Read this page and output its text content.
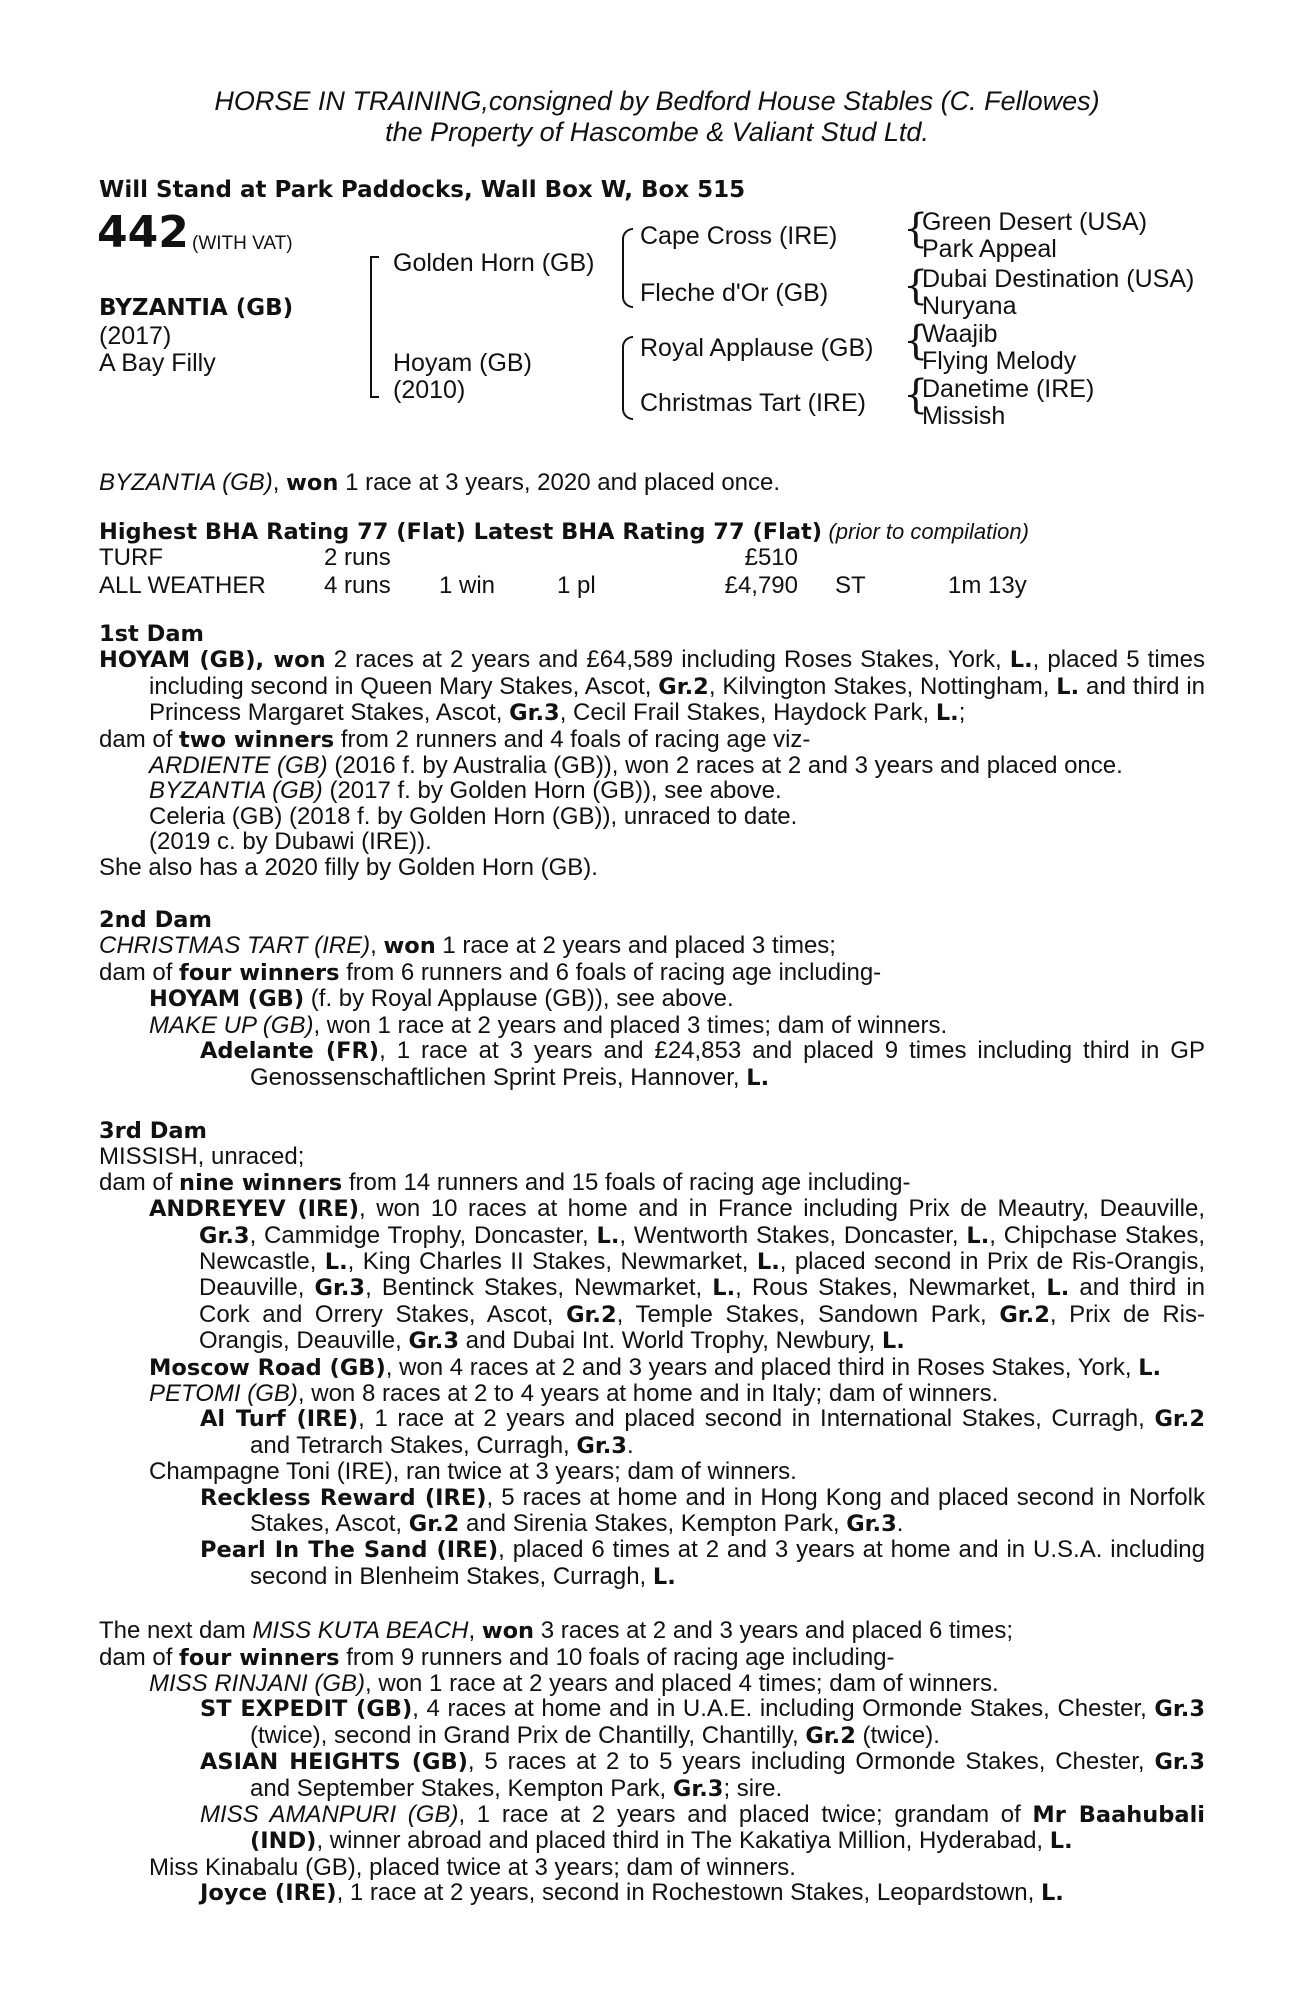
HORSE IN TRAINING,consigned by Bedford House Stables (C. Fellowes)
the Property of Hascombe & Valiant Stud Ltd.
Will Stand at Park Paddocks, Wall Box W, Box 515
442 (WITH VAT)
BYZANTIA (GB)
(2017)
A Bay Filly
Golden Horn (GB)
Hoyam (GB)
(2010)
Cape Cross (IRE)
Fleche d'Or (GB)
Royal Applause (GB)
Christmas Tart (IRE)
{
{
{
{
Green Desert (USA)
Park Appeal
Dubai Destination (USA)
Nuryana
Waajib
Flying Melody
Danetime (IRE)
Missish
BYZANTIA (GB), won 1 race at 3 years, 2020 and placed once.
Highest BHA Rating 77 (Flat) Latest BHA Rating 77 (Flat) (prior to compilation)
TURF	2 runs			£510		
ALL WEATHER	4 runs	1 win	1 pl	£4,790	ST	1m 13y

1st Dam

HOYAM (GB), won 2 races at 2 years and £64,589 including Roses Stakes, York, L., placed 5 times including second in Queen Mary Stakes, Ascot, Gr.2, Kilvington Stakes, Nottingham, L. and third in Princess Margaret Stakes, Ascot, Gr.3, Cecil Frail Stakes, Haydock Park, L.;

dam of two winners from 2 runners and 4 foals of racing age viz-

ARDIENTE (GB) (2016 f. by Australia (GB)), won 2 races at 2 and 3 years and placed once.

BYZANTIA (GB) (2017 f. by Golden Horn (GB)), see above.

Celeria (GB) (2018 f. by Golden Horn (GB)), unraced to date.

(2019 c. by Dubawi (IRE)).

She also has a 2020 filly by Golden Horn (GB).

2nd Dam

CHRISTMAS TART (IRE), won 1 race at 2 years and placed 3 times;

dam of four winners from 6 runners and 6 foals of racing age including-

HOYAM (GB) (f. by Royal Applause (GB)), see above.

MAKE UP (GB), won 1 race at 2 years and placed 3 times; dam of winners.

Adelante (FR), 1 race at 3 years and £24,853 and placed 9 times including third in GP Genossenschaftlichen Sprint Preis, Hannover, L.

3rd Dam

MISSISH, unraced;

dam of nine winners from 14 runners and 15 foals of racing age including-

ANDREYEV (IRE), won 10 races at home and in France including Prix de Meautry, Deauville, Gr.3, Cammidge Trophy, Doncaster, L., Wentworth Stakes, Doncaster, L., Chipchase Stakes, Newcastle, L., King Charles II Stakes, Newmarket, L., placed second in Prix de Ris-Orangis, Deauville, Gr.3, Bentinck Stakes, Newmarket, L., Rous Stakes, Newmarket, L. and third in Cork and Orrery Stakes, Ascot, Gr.2, Temple Stakes, Sandown Park, Gr.2, Prix de Ris-Orangis, Deauville, Gr.3 and Dubai Int. World Trophy, Newbury, L.

Moscow Road (GB), won 4 races at 2 and 3 years and placed third in Roses Stakes, York, L.

PETOMI (GB), won 8 races at 2 to 4 years at home and in Italy; dam of winners.

Al Turf (IRE), 1 race at 2 years and placed second in International Stakes, Curragh, Gr.2 and Tetrarch Stakes, Curragh, Gr.3.

Champagne Toni (IRE), ran twice at 3 years; dam of winners.

Reckless Reward (IRE), 5 races at home and in Hong Kong and placed second in Norfolk Stakes, Ascot, Gr.2 and Sirenia Stakes, Kempton Park, Gr.3.

Pearl In The Sand (IRE), placed 6 times at 2 and 3 years at home and in U.S.A. including second in Blenheim Stakes, Curragh, L.

The next dam MISS KUTA BEACH, won 3 races at 2 and 3 years and placed 6 times;

dam of four winners from 9 runners and 10 foals of racing age including-

MISS RINJANI (GB), won 1 race at 2 years and placed 4 times; dam of winners.

ST EXPEDIT (GB), 4 races at home and in U.A.E. including Ormonde Stakes, Chester, Gr.3 (twice), second in Grand Prix de Chantilly, Chantilly, Gr.2 (twice).

ASIAN HEIGHTS (GB), 5 races at 2 to 5 years including Ormonde Stakes, Chester, Gr.3 and September Stakes, Kempton Park, Gr.3; sire.

MISS AMANPURI (GB), 1 race at 2 years and placed twice; grandam of Mr Baahubali (IND), winner abroad and placed third in The Kakatiya Million, Hyderabad, L.

Miss Kinabalu (GB), placed twice at 3 years; dam of winners.

Joyce (IRE), 1 race at 2 years, second in Rochestown Stakes, Leopardstown, L.
